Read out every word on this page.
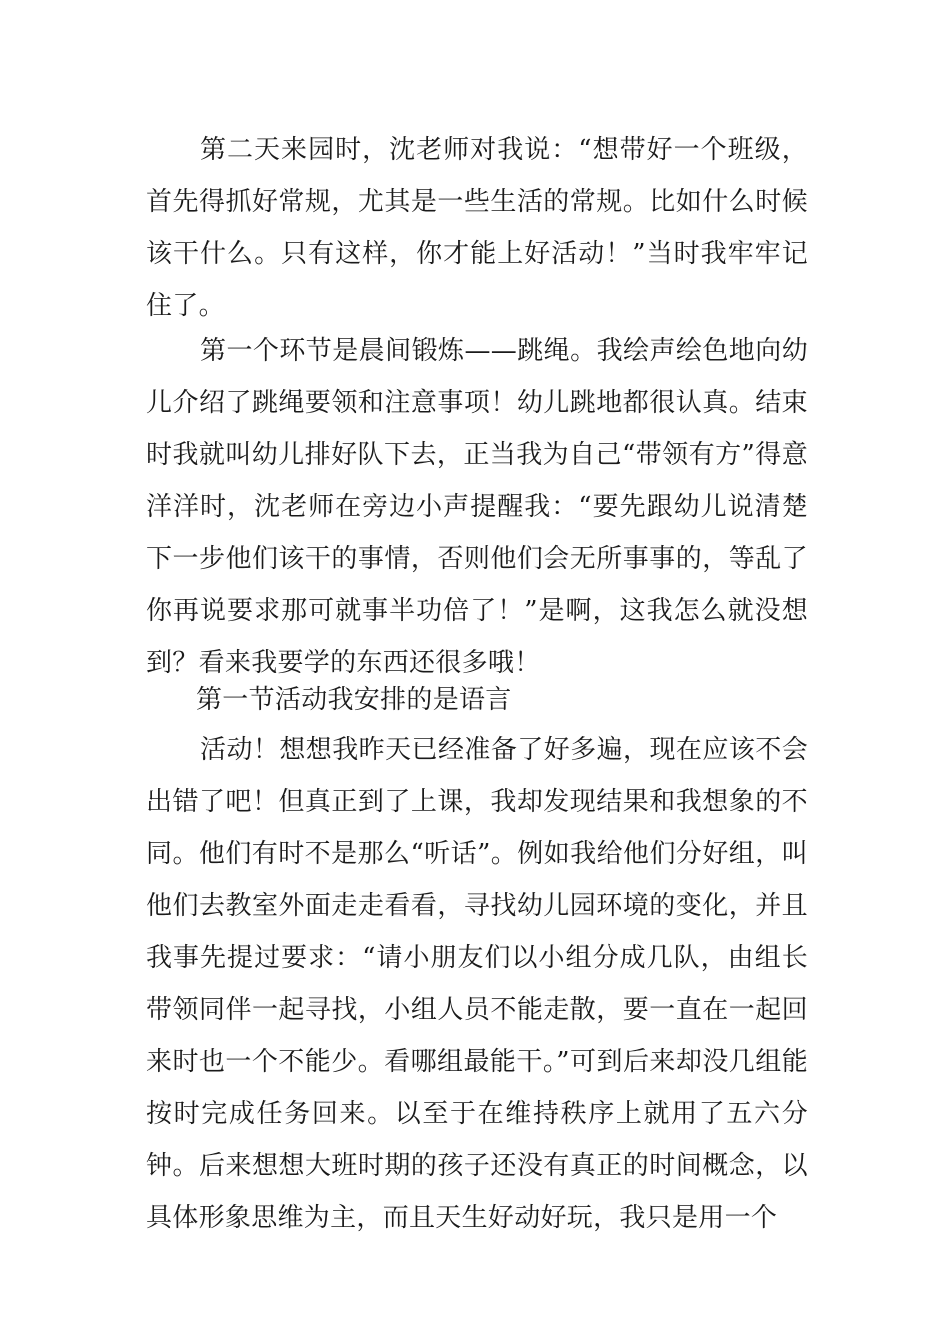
第二天来园时，沈老师对我说：“想带好一个班级，首先得抓好常规，尤其是一些生活的常规。比如什么时候该干什么。只有这样，你才能上好活动！”当时我牢牢记住了。

第一个环节是晨间锻炼——跳绳。我绘声绘色地向幼儿介绍了跳绳要领和注意事项！幼儿跳地都很认真。结束时我就叫幼儿排好队下去，正当我为自己“带领有方”得意洋洋时，沈老师在旁边小声提醒我：“要先跟幼儿说清楚下一步他们该干的事情，否则他们会无所事事的，等乱了你再说要求那可就事半功倍了！”是啊，这我怎么就没想到？看来我要学的东西还很多哦！

第一节活动我安排的是语言

活动！想想我昨天已经准备了好多遍，现在应该不会出错了吧！但真正到了上课，我却发现结果和我想象的不同。他们有时不是那么“听话”。例如我给他们分好组，叫他们去教室外面走走看看，寻找幼儿园环境的变化，并且我事先提过要求：“请小朋友们以小组分成几队，由组长带领同伴一起寻找，小组人员不能走散，要一直在一起回来时也一个不能少。看哪组最能干。”可到后来却没几组能按时完成任务回来。以至于在维持秩序上就用了五六分钟。后来想想大班时期的孩子还没有真正的时间概念，以具体形象思维为主，而且天生好动好玩，我只是用一个
